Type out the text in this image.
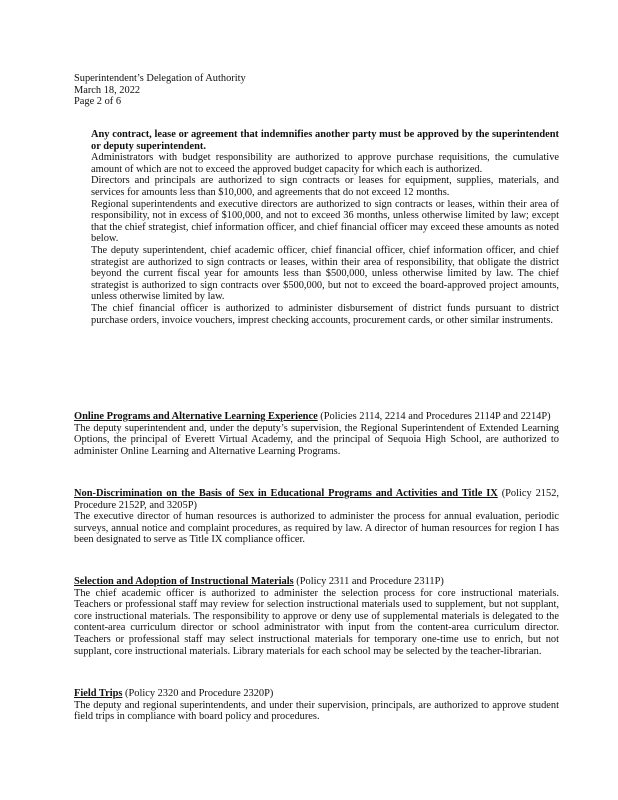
Superintendent’s Delegation of Authority
March 18, 2022
Page 2 of 6
Any contract, lease or agreement that indemnifies another party must be approved by the superintendent or deputy superintendent.
Administrators with budget responsibility are authorized to approve purchase requisitions, the cumulative amount of which are not to exceed the approved budget capacity for which each is authorized.
Directors and principals are authorized to sign contracts or leases for equipment, supplies, materials, and services for amounts less than $10,000, and agreements that do not exceed 12 months.
Regional superintendents and executive directors are authorized to sign contracts or leases, within their area of responsibility, not in excess of $100,000, and not to exceed 36 months, unless otherwise limited by law; except that the chief strategist, chief information officer, and chief financial officer may exceed these amounts as noted below.
The deputy superintendent, chief academic officer, chief financial officer, chief information officer, and chief strategist are authorized to sign contracts or leases, within their area of responsibility, that obligate the district beyond the current fiscal year for amounts less than $500,000, unless otherwise limited by law. The chief strategist is authorized to sign contracts over $500,000, but not to exceed the board-approved project amounts, unless otherwise limited by law.
The chief financial officer is authorized to administer disbursement of district funds pursuant to district purchase orders, invoice vouchers, imprest checking accounts, procurement cards, or other similar instruments.
Online Programs and Alternative Learning Experience (Policies 2114, 2214 and Procedures 2114P and 2214P)
The deputy superintendent and, under the deputy’s supervision, the Regional Superintendent of Extended Learning Options, the principal of Everett Virtual Academy, and the principal of Sequoia High School, are authorized to administer Online Learning and Alternative Learning Programs.
Non-Discrimination on the Basis of Sex in Educational Programs and Activities and Title IX (Policy 2152, Procedure 2152P, and 3205P)
The executive director of human resources is authorized to administer the process for annual evaluation, periodic surveys, annual notice and complaint procedures, as required by law. A director of human resources for region I has been designated to serve as Title IX compliance officer.
Selection and Adoption of Instructional Materials (Policy 2311 and Procedure 2311P)
The chief academic officer is authorized to administer the selection process for core instructional materials. Teachers or professional staff may review for selection instructional materials used to supplement, but not supplant, core instructional materials. The responsibility to approve or deny use of supplemental materials is delegated to the content-area curriculum director or school administrator with input from the content-area curriculum director. Teachers or professional staff may select instructional materials for temporary one-time use to enrich, but not supplant, core instructional materials. Library materials for each school may be selected by the teacher-librarian.
Field Trips (Policy 2320 and Procedure 2320P)
The deputy and regional superintendents, and under their supervision, principals, are authorized to approve student field trips in compliance with board policy and procedures.
